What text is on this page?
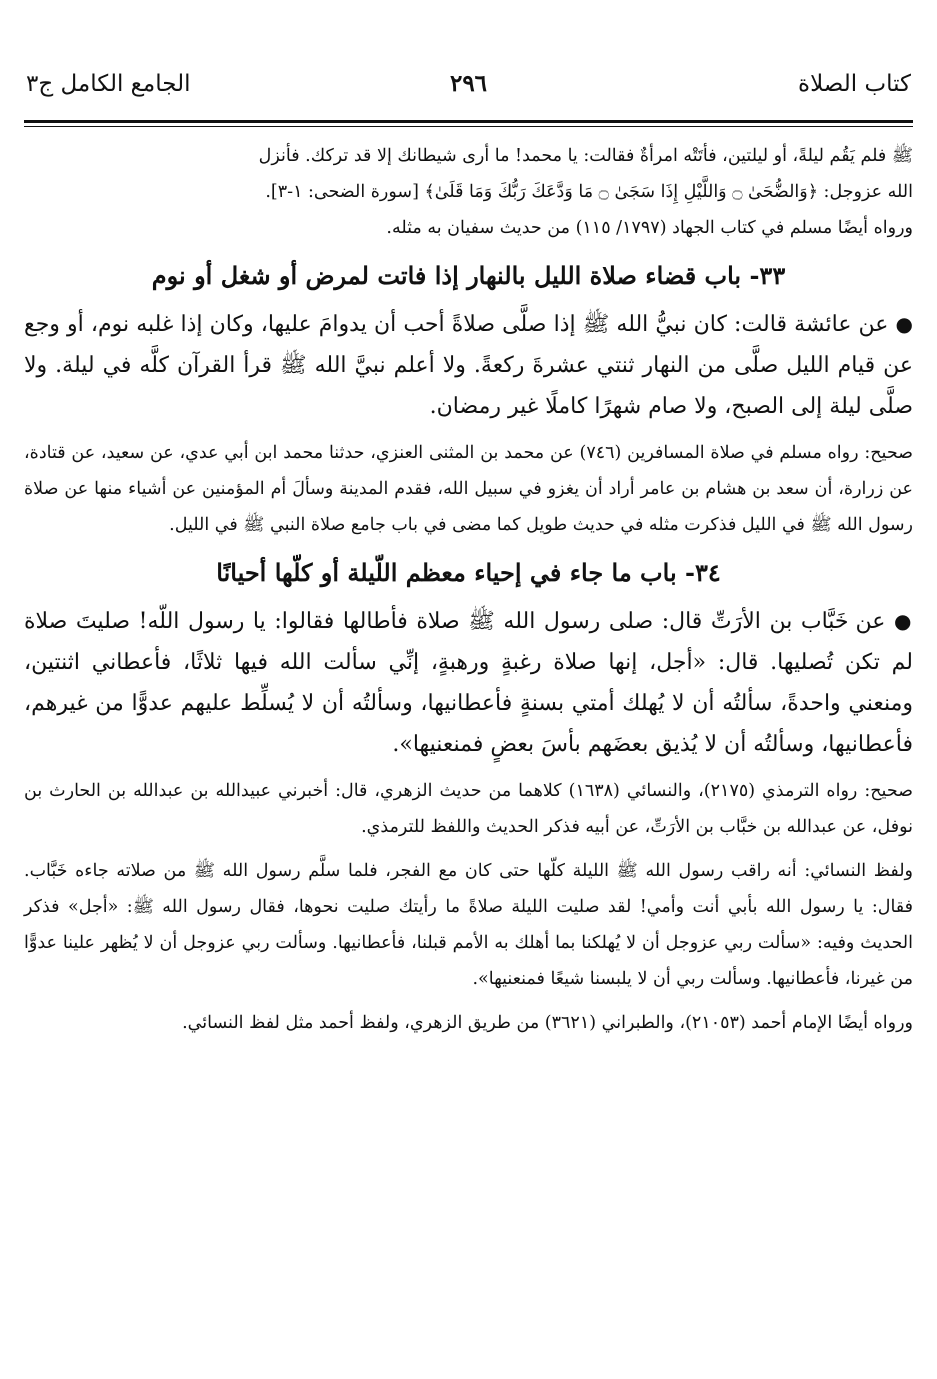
الجامع الكامل ج٣	٢٩٦	كتاب الصلاة

ﷺ فلم يَقُم ليلةً، أو ليلتين، فأتَتْه امرأةٌ فقالت: يا محمد! ما أرى شيطانك إلا قد تركك. فأنزل

الله عزوجل: ﴿وَالضُّحَىٰ ۝ وَاللَّيْلِ إِذَا سَجَىٰ ۝ مَا وَدَّعَكَ رَبُّكَ وَمَا قَلَىٰ﴾ [سورة الضحى: ١-٣].

ورواه أيضًا مسلم في كتاب الجهاد (١٧٩٧/ ١١٥) من حديث سفيان به مثله.

٣٣- باب قضاء صلاة الليل بالنهار إذا فاتت لمرض أو شغل أو نوم

● عن عائشة قالت: كان نبيُّ الله ﷺ إذا صلَّى صلاةً أحب أن يدوامَ عليها، وكان إذا غلبه نوم، أو وجع عن قيام الليل صلَّى من النهار ثنتي عشرةَ ركعةً. ولا أعلم نبيَّ الله ﷺ قرأ القرآن كلَّه في ليلة. ولا صلَّى ليلة إلى الصبح، ولا صام شهرًا كاملًا غير رمضان.

صحيح: رواه مسلم في صلاة المسافرين (٧٤٦) عن محمد بن المثنى العنزي، حدثنا محمد ابن أبي عدي، عن سعيد، عن قتادة، عن زرارة، أن سعد بن هشام بن عامر أراد أن يغزو في سبيل الله، فقدم المدينة وسألَ أم المؤمنين عن أشياء منها عن صلاة رسول الله ﷺ في الليل فذكرت مثله في حديث طويل كما مضى في باب جامع صلاة النبي ﷺ في الليل.

٣٤- باب ما جاء في إحياء معظم اللّيلة أو كلّها أحيانًا

● عن خَبَّاب بن الأرَتِّ قال: صلى رسول الله ﷺ صلاة فأطالها فقالوا: يا رسول اللّه! صليتَ صلاة لم تكن تُصليها. قال: «أجل، إنها صلاة رغبةٍ ورهبةٍ، إنِّي سألت الله فيها ثلاثًا، فأعطاني اثنتين، ومنعني واحدةً، سألتُه أن لا يُهلك أمتي بسنةٍ فأعطانيها، وسألتُه أن لا يُسلِّط عليهم عدوًّا من غيرهم، فأعطانيها، وسألتُه أن لا يُذيق بعضَهم بأسَ بعضٍ فمنعنيها».

صحيح: رواه الترمذي (٢١٧٥)، والنسائي (١٦٣٨) كلاهما من حديث الزهري، قال: أخبرني عبيدالله بن عبدالله بن الحارث بن نوفل، عن عبدالله بن خبَّاب بن الأرَتِّ، عن أبيه فذكر الحديث واللفظ للترمذي.

ولفظ النسائي: أنه راقب رسول الله ﷺ الليلة كلّها حتى كان مع الفجر، فلما سلَّم رسول الله ﷺ من صلاته جاءه خَبَّاب. فقال: يا رسول الله بأبي أنت وأمي! لقد صليت الليلة صلاةً ما رأيتك صليت نحوها، فقال رسول الله ﷺ: «أجل» فذكر الحديث وفيه: «سألت ربي عزوجل أن لا يُهلكنا بما أهلك به الأمم قبلنا، فأعطانيها. وسألت ربي عزوجل أن لا يُظهر علينا عدوًّا من غيرنا، فأعطانيها. وسألت ربي أن لا يلبسنا شيعًا فمنعنيها».

ورواه أيضًا الإمام أحمد (٢١٠٥٣)، والطبراني (٣٦٢١) من طريق الزهري، ولفظ أحمد مثل لفظ النسائي.
